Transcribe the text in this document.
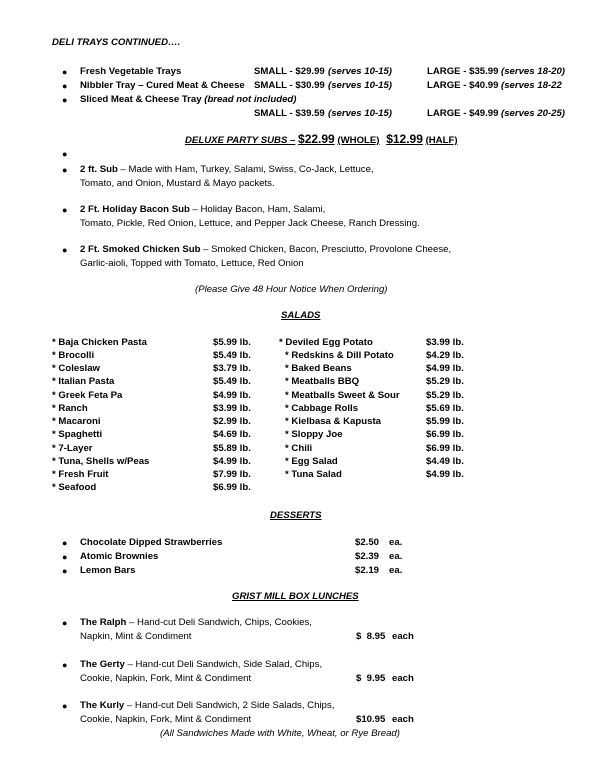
DELI TRAYS CONTINUED….
● Fresh Vegetable Trays	SMALL - $29.99 (serves 10-15)	LARGE - $35.99 (serves 18-20)
● Nibbler Tray – Cured Meat & Cheese SMALL - $30.99 (serves 10-15)	LARGE - $40.99 (serves 18-22
● Sliced Meat & Cheese Tray (bread not included)
SMALL - $39.59 (serves 10-15)	LARGE - $49.99 (serves 20-25)
DELUXE PARTY SUBS – $22.99 (WHOLE) $12.99 (HALF)
●
● 2 ft. Sub – Made with Ham, Turkey, Salami, Swiss, Co-Jack, Lettuce,
Tomato, and Onion, Mustard & Mayo packets.
● 2 Ft. Holiday Bacon Sub – Holiday Bacon, Ham, Salami,
Tomato, Pickle, Red Onion, Lettuce, and Pepper Jack Cheese, Ranch Dressing.
● 2 Ft. Smoked Chicken Sub – Smoked Chicken, Bacon, Presciutto, Provolone Cheese,
Garlic-aioli, Topped with Tomato, Lettuce, Red Onion
(Please Give 48 Hour Notice When Ordering)
SALADS
* Baja Chicken Pasta	$5.99 lb.
* Brocolli	$5.49 lb.
* Coleslaw	$3.79 lb.
* Italian Pasta	$5.49 lb.
* Greek Feta Pa	$4.99 lb.
* Ranch	$3.99 lb.
* Macaroni	$2.99 lb.
* Spaghetti	$4.69 lb.
* 7-Layer	$5.89 lb.
* Tuna, Shells w/Peas	$4.99 lb.
* Fresh Fruit	$7.99 lb.
* Seafood	$6.99 lb.
* Deviled Egg Potato	$3.99 lb.
* Redskins & Dill Potato	$4.29 lb.
* Baked Beans	$4.99 lb.
* Meatballs BBQ	$5.29 lb.
* Meatballs Sweet & Sour	$5.29 lb.
* Cabbage Rolls	$5.69 lb.
* Kielbasa & Kapusta	$5.99 lb.
* Sloppy Joe	$6.99 lb.
* Chili	$6.99 lb.
* Egg Salad	$4.49 lb.
* Tuna Salad	$4.99 lb.
DESSERTS
● Chocolate Dipped Strawberries	$2.50 ea.
● Atomic Brownies	$2.39 ea.
● Lemon Bars	$2.19 ea.
GRIST MILL BOX LUNCHES
● The Ralph – Hand-cut Deli Sandwich, Chips, Cookies,
Napkin, Mint & Condiment	$  8.95 each
● The Gerty – Hand-cut Deli Sandwich, Side Salad, Chips,
Cookie, Napkin, Fork, Mint & Condiment	$  9.95 each
● The Kurly – Hand-cut Deli Sandwich, 2 Side Salads, Chips,
Cookie, Napkin, Fork, Mint & Condiment	$10.95 each
(All Sandwiches Made with White, Wheat, or Rye Bread)
